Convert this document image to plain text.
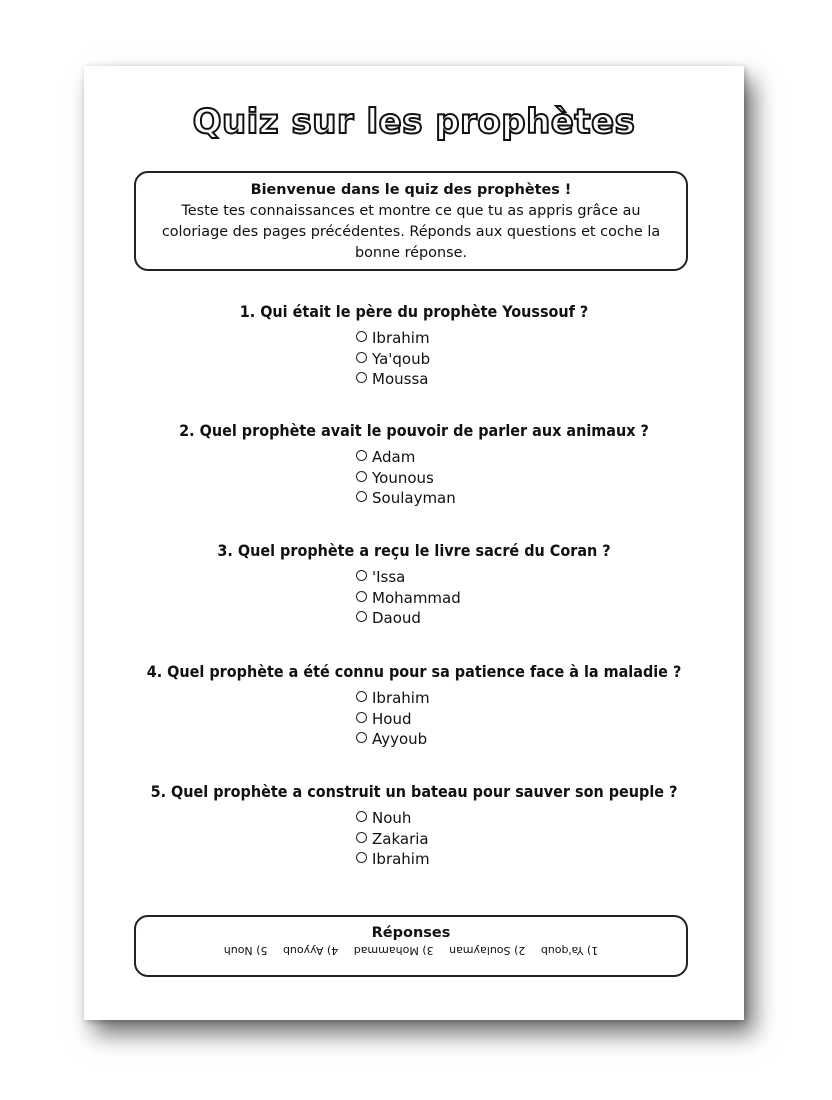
Quiz sur les prophètes
Bienvenue dans le quiz des prophètes !
Teste tes connaissances et montre ce que tu as appris grâce au coloriage des pages précédentes. Réponds aux questions et coche la bonne réponse.
1. Qui était le père du prophète Youssouf ?
Ibrahim
Ya'qoub
Moussa
2. Quel prophète avait le pouvoir de parler aux animaux ?
Adam
Younous
Soulayman
3. Quel prophète a reçu le livre sacré du Coran ?
'Issa
Mohammad
Daoud
4. Quel prophète a été connu pour sa patience face à la maladie ?
Ibrahim
Houd
Ayyoub
5. Quel prophète a construit un bateau pour sauver son peuple ?
Nouh
Zakaria
Ibrahim
Réponses
1) Ya'qoub 2) Soulayman 3) Mohammad 4) Ayyoub 5) Nouh
